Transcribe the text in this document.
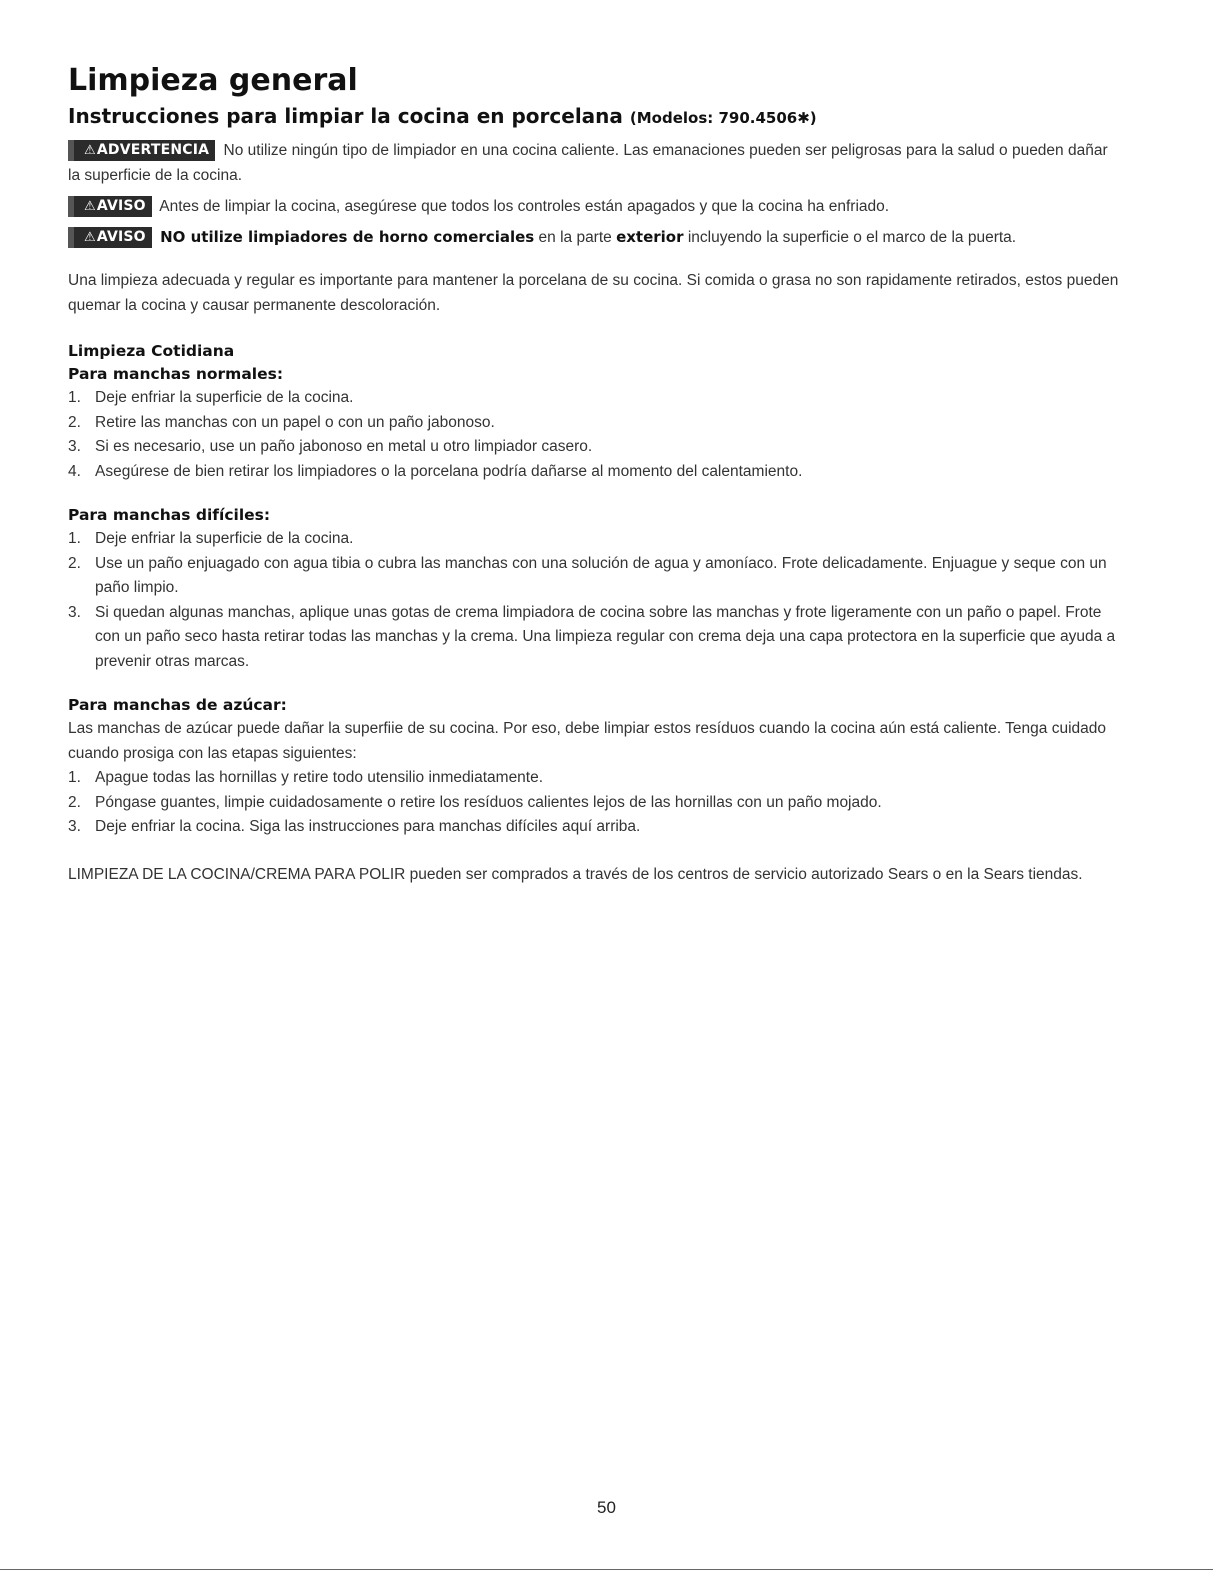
Limpieza general
Instrucciones para limpiar la cocina en porcelana (Modelos: 790.4506✱)
⚠ADVERTENCIA No utilize ningún tipo de limpiador en una cocina caliente. Las emanaciones pueden ser peligrosas para la salud o pueden dañar la superficie de la cocina.
⚠AVISO Antes de limpiar la cocina, asegúrese que todos los controles están apagados y que la cocina ha enfriado.
⚠AVISO NO utilize limpiadores de horno comerciales en la parte exterior incluyendo la superficie o el marco de la puerta.

Una limpieza adecuada y regular es importante para mantener la porcelana de su cocina. Si comida o grasa no son rapidamente retirados, estos pueden quemar la cocina y causar permanente descoloración.

Limpieza Cotidiana
Para manchas normales:
1. Deje enfriar la superficie de la cocina.
2. Retire las manchas con un papel o con un paño jabonoso.
3. Si es necesario, use un paño jabonoso en metal u otro limpiador casero.
4. Asegúrese de bien retirar los limpiadores o la porcelana podría dañarse al momento del calentamiento.
Para manchas difíciles:
1. Deje enfriar la superficie de la cocina.
2. Use un paño enjuagado con agua tibia o cubra las manchas con una solución de agua y amoníaco. Frote delicadamente. Enjuague y seque con un paño limpio.
3. Si quedan algunas manchas, aplique unas gotas de crema limpiadora de cocina sobre las manchas y frote ligeramente con un paño o papel. Frote con un paño seco hasta retirar todas las manchas y la crema. Una limpieza regular con crema deja una capa protectora en la superficie que ayuda a prevenir otras marcas.
Para manchas de azúcar:

Las manchas de azúcar puede dañar la superfiie de su cocina. Por eso, debe limpiar estos resíduos cuando la cocina aún está caliente. Tenga cuidado cuando prosiga con las etapas siguientes:

1. Apague todas las hornillas y retire todo utensilio inmediatamente.
2. Póngase guantes, limpie cuidadosamente o retire los resíduos calientes lejos de las hornillas con un paño mojado.
3. Deje enfriar la cocina. Siga las instrucciones para manchas difíciles aquí arriba.

LIMPIEZA DE LA COCINA/CREMA PARA POLIR pueden ser comprados a través de los centros de servicio autorizado Sears o en la Sears tiendas.

50
